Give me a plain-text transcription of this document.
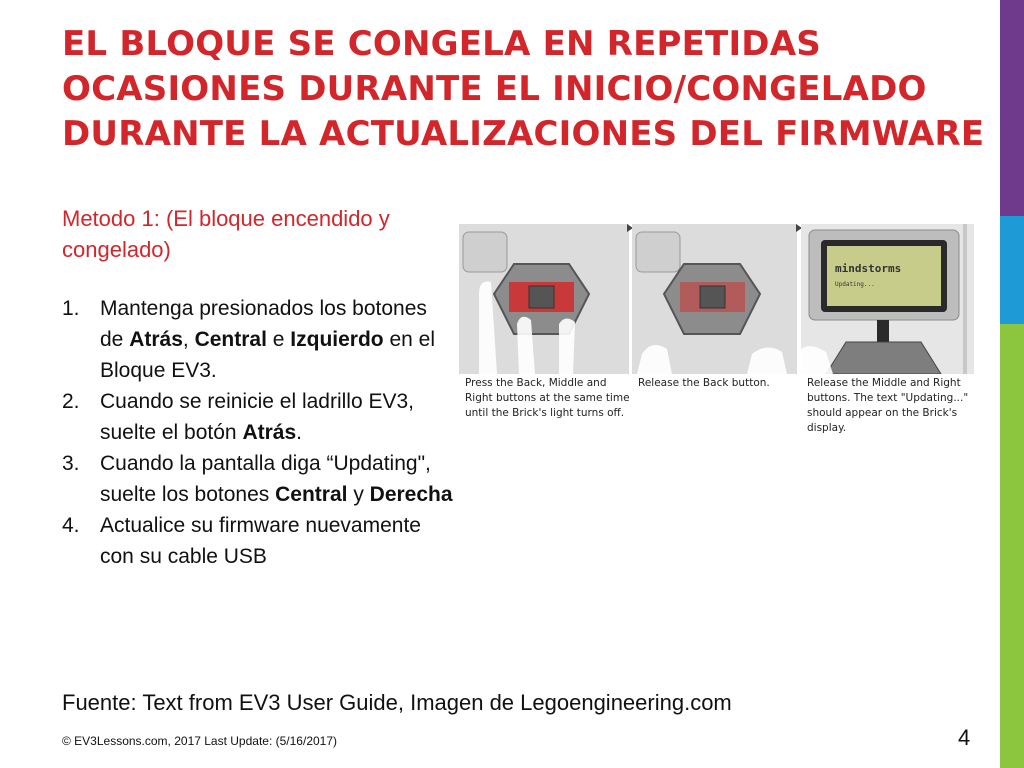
EL BLOQUE SE CONGELA EN REPETIDAS OCASIONES DURANTE EL INICIO/CONGELADO DURANTE LA ACTUALIZACIONES DEL FIRMWARE

Metodo 1: (El bloque encendido y congelado)

1. Mantenga presionados los botones de Atrás, Central e Izquierdo en el Bloque EV3.
2. Cuando se reinicie el ladrillo EV3, suelte el botón Atrás.
3. Cuando la pantalla diga “Updating", suelte los botones Central y Derecha
4. Actualice su firmware nuevamente con su cable USB

Press the Back, Middle and Right buttons at the same time until the Brick's light turns off.

Release the Back button.

mindstorms
Updating...

Release the Middle and Right buttons. The text "Updating..." should appear on the Brick's display.

Fuente: Text from EV3 User Guide, Imagen de Legoengineering.com

© EV3Lessons.com, 2017 Last Update: (5/16/2017)	4
